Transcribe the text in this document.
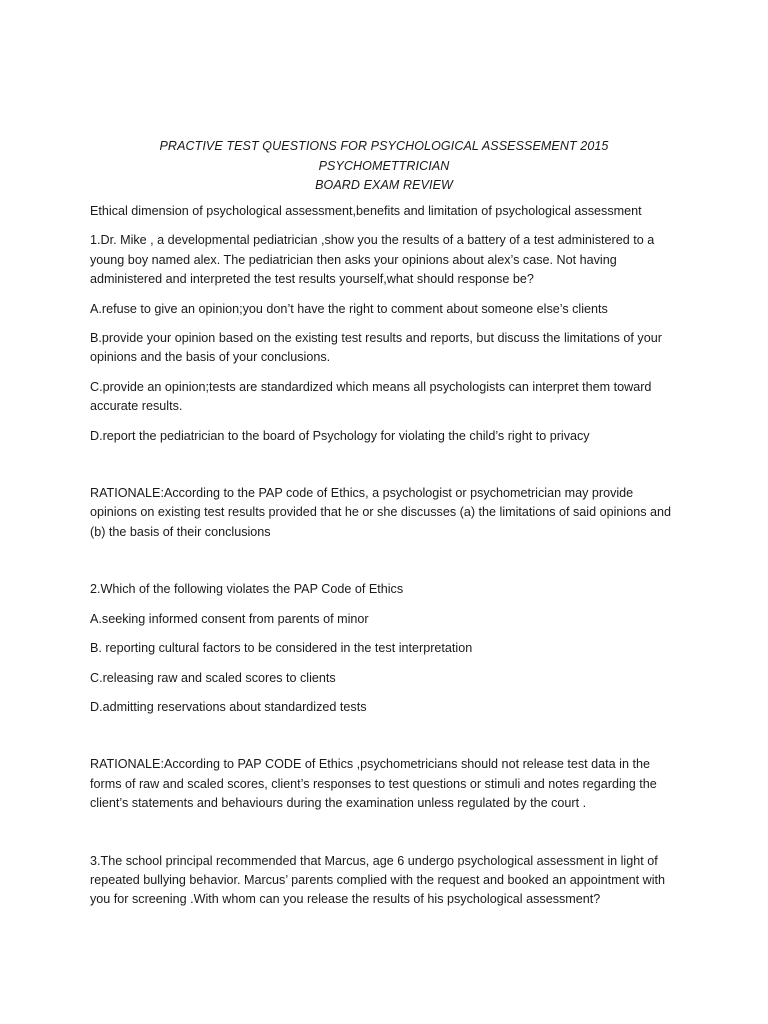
PRACTIVE TEST QUESTIONS FOR PSYCHOLOGICAL ASSESSEMENT 2015
PSYCHOMETTRICIAN
BOARD EXAM REVIEW

Ethical dimension of psychological assessment,benefits and limitation of psychological assessment

1.Dr. Mike , a developmental pediatrician ,show you the results of a battery of a test administered to a young boy named alex. The pediatrician then asks your opinions about alex’s case. Not having administered and interpreted the test results yourself,what should response be?

A.refuse to give an opinion;you don’t have the right to comment about someone else’s clients

B.provide your opinion based on the existing test results and reports, but discuss the limitations of your opinions and the basis of your conclusions.

C.provide an opinion;tests are standardized which means all psychologists can interpret them toward accurate results.

D.report the pediatrician to the board of Psychology for violating the child’s right to privacy

RATIONALE:According to the PAP code of Ethics, a psychologist or psychometrician may provide opinions on existing test results provided that he or she discusses (a) the limitations of said opinions and (b) the basis of their conclusions

2.Which of the following violates the PAP Code of Ethics

A.seeking informed consent from parents of minor

B. reporting cultural factors to be considered in the test interpretation

C.releasing raw and scaled scores to clients

D.admitting reservations about standardized tests

RATIONALE:According to PAP CODE of Ethics ,psychometricians should not release test data in the forms of raw and scaled scores, client’s responses to test questions or stimuli and notes regarding the client’s statements and behaviours during the examination unless regulated by the court .

3.The school principal recommended that Marcus, age 6 undergo psychological assessment in light of repeated bullying behavior. Marcus’ parents complied with the request and booked an appointment with you for screening .With whom can you release the results of his psychological assessment?
